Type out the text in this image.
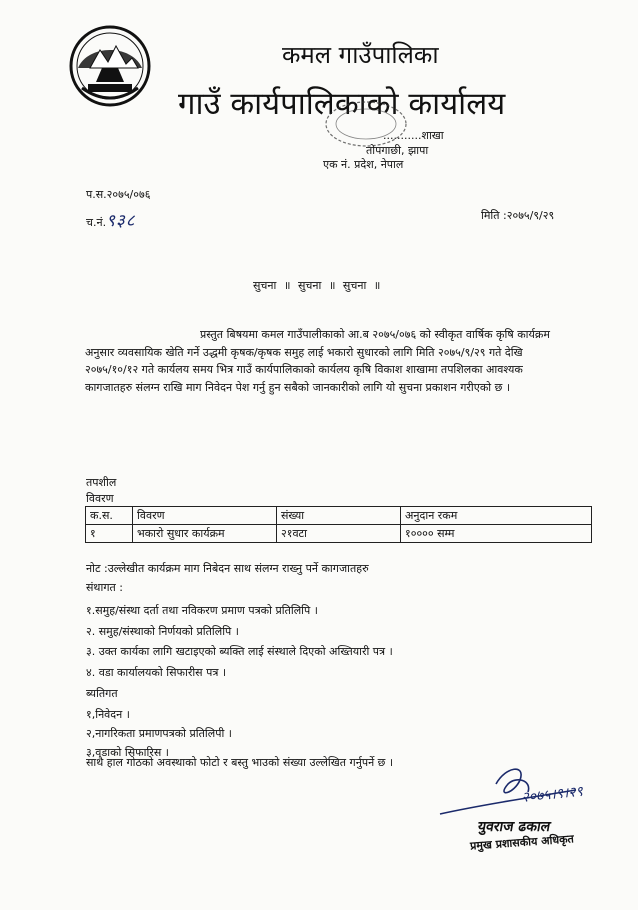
कमल गाउँपालिका
गाउँ कार्यपालिकाको कार्यालय
...........शाखा
तोपगाछी, झापा
एक नं. प्रदेश, नेपाल
प.स.२०७५/०७६
च.नं.९३८	मिति :२०७५/९/२९
सुचना ॥ सुचना ॥ सुचना ॥
प्रस्तुत बिषयमा कमल गाउँपालीकाको आ.ब २०७५/०७६ को स्वीकृत वार्षिक कृषि कार्यक्रम अनुसार व्यवसायिक खेति गर्ने उद्धमी कृषक/कृषक समुह लाई भकारो सुधारको लागि मिति २०७५/९/२९ गते देखि २०७५/१०/१२ गते कार्यलय समय भित्र गाउँ कार्यपालिकाको कार्यलय कृषि विकाश शाखामा तपशिलका आवश्यक कागजातहरु संलग्न राखि माग निवेदन पेश गर्नु हुन सबैको जानकारीको लागि यो सुचना प्रकाशन गरीएको छ ।
तपशील
विवरण
क.स.	विवरण	संख्या	अनुदान रकम
१	भकारो सुधार कार्यक्रम	२१वटा	१०००० सम्म
नोट :उल्लेखीत कार्यक्रम माग निबेदन साथ संलग्न राख्नु पर्ने कागजातहरु
संथागत :
१.समुह/संस्था दर्ता तथा नविकरण प्रमाण पत्रको प्रतिलिपि ।
२. समुह/संस्थाको निर्णयको प्रतिलिपि ।
३. उक्त कार्यका लागि खटाइएको ब्यक्ति लाई संस्थाले दिएको अख्तियारी पत्र ।
४. वडा कार्यालयको सिफारीस पत्र ।
ब्यतिगत
१,निवेदन ।
२,नागरिकता प्रमाणपत्रको प्रतिलिपी ।
३,वडाको सिफारिस ।
साथै हाल गोठको अवस्थाको फोटो र बस्तु भाउको संख्या उल्लेखित गर्नुपर्ने छ ।
२०७५।९।२९
युवराज ढकाल
प्रमुख प्रशासकीय अधिकृत
